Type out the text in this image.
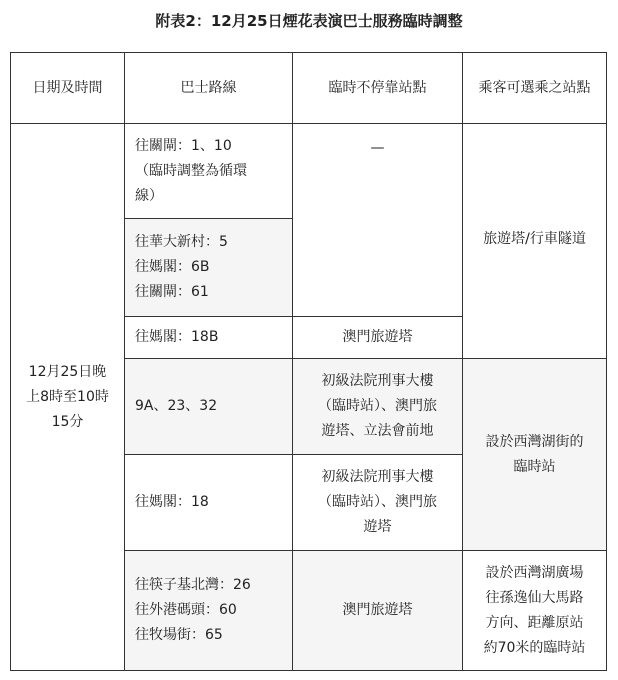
附表2：12月25日煙花表演巴士服務臨時調整
日期及時間	巴士路線	臨時不停靠站點	乘客可選乘之站點

12月25日晚
上8時至10時
15分	往關閘：1、10
（臨時調整為循環
線）	—	旅遊塔/行車隧道

	往華大新村：5
往媽閣：6B
往關閘：61		

	往媽閣：18B	澳門旅遊塔	
	9A、23、32	初級法院刑事大樓
（臨時站）、澳門旅
遊塔、立法會前地	設於西灣湖街的
臨時站

	往媽閣：18	初級法院刑事大樓
（臨時站）、澳門旅
遊塔	

	往筷子基北灣：26
往外港碼頭：60
往牧場街：65	澳門旅遊塔	設於西灣湖廣場
往孫逸仙大馬路
方向、距離原站
約70米的臨時站
